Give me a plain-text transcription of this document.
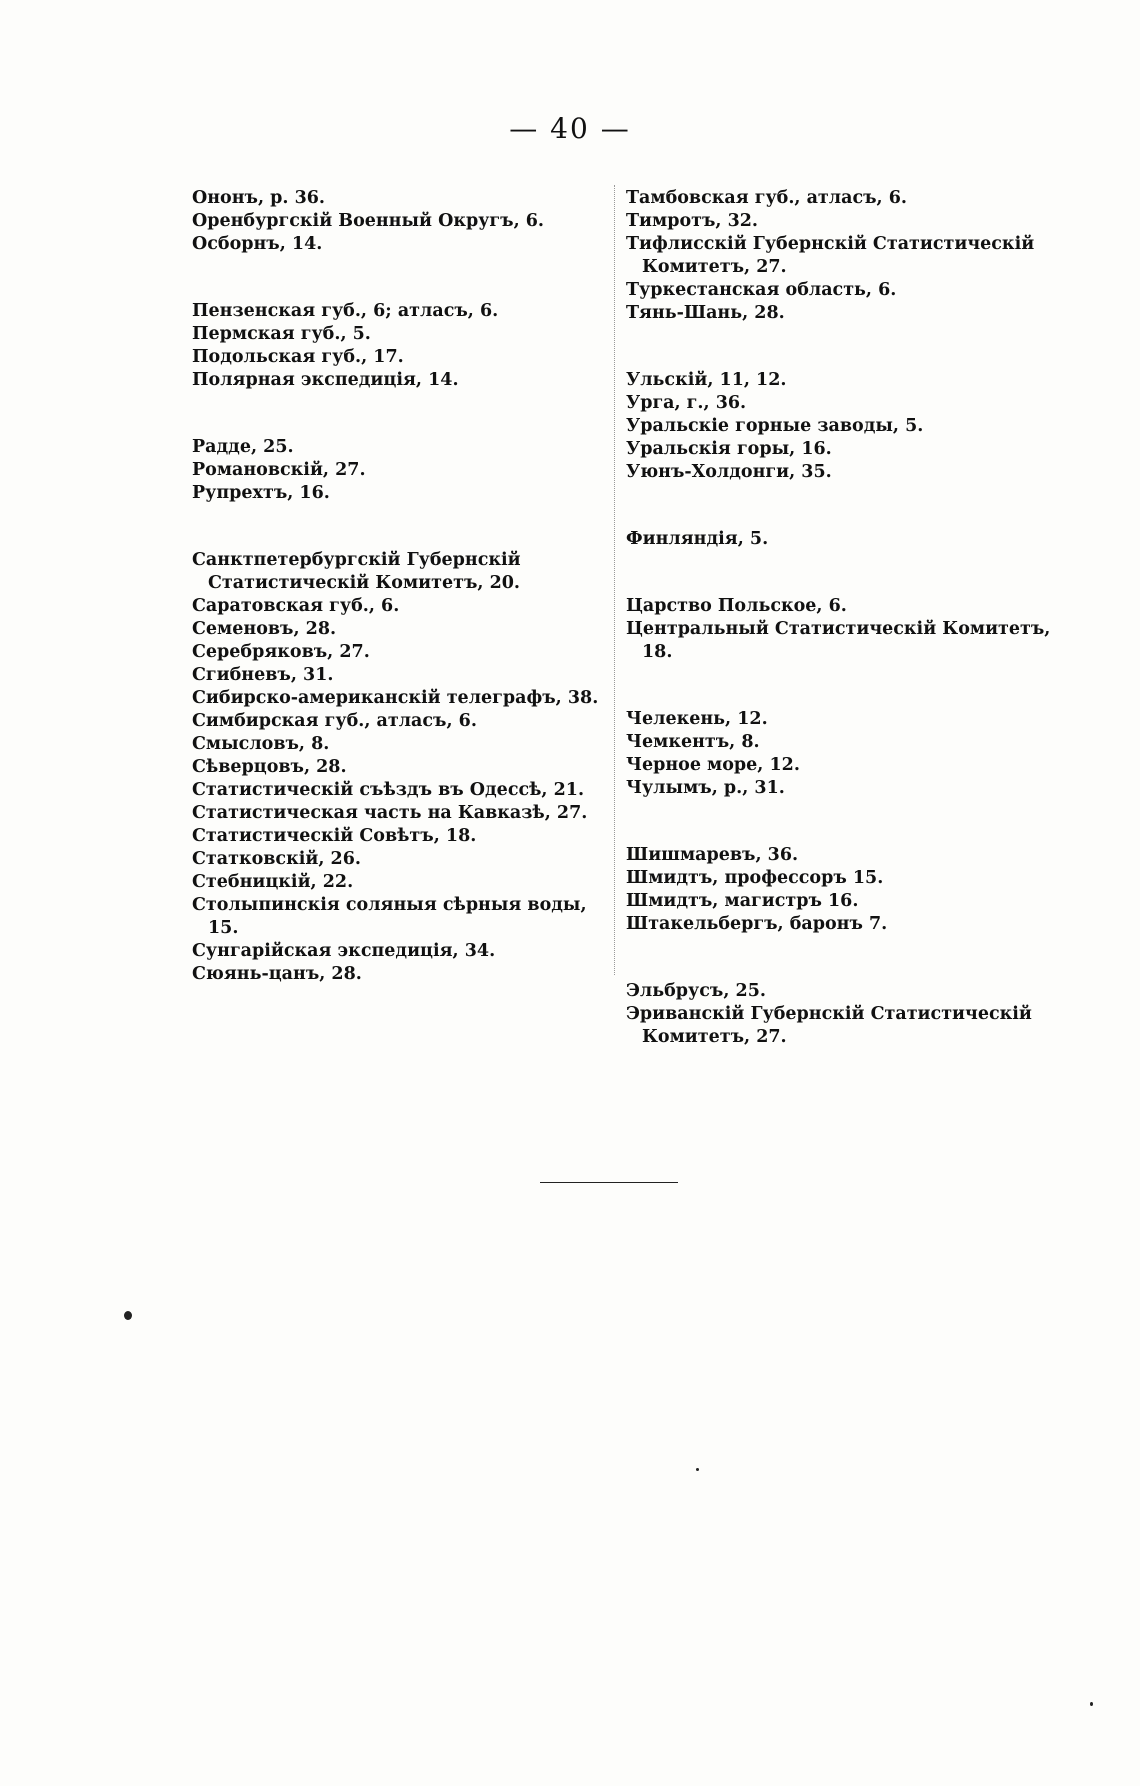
— 40 —
Ононъ, р. 36.
Оренбургскій Военный Округъ, 6.
Осборнъ, 14.
Пензенская губ., 6; атласъ, 6.
Пермская губ., 5.
Подольская губ., 17.
Полярная экспедиція, 14.
Радде, 25.
Романовскій, 27.
Рупрехтъ, 16.
Санктпетербургскій Губернскій Статистическій Комитетъ, 20.
Саратовская губ., 6.
Семеновъ, 28.
Серебряковъ, 27.
Сгибневъ, 31.
Сибирско-американскій телеграфъ, 38.
Симбирская губ., атласъ, 6.
Смысловъ, 8.
Сѣверцовъ, 28.
Статистическій съѣздъ въ Одессѣ, 21.
Статистическая часть на Кавказѣ, 27.
Статистическій Совѣтъ, 18.
Статковскій, 26.
Стебницкій, 22.
Столыпинскія соляныя сѣрныя воды, 15.
Сунгарійская экспедиція, 34.
Сюянь-цанъ, 28.
Тамбовская губ., атласъ, 6.
Тимротъ, 32.
Тифлисскій Губернскій Статистическій Комитетъ, 27.
Туркестанская область, 6.
Тянь-Шань, 28.
Ульскій, 11, 12.
Урга, г., 36.
Уральскіе горные заводы, 5.
Уральскія горы, 16.
Уюнъ-Холдонги, 35.
Финляндія, 5.
Царство Польское, 6.
Центральный Статистическій Комитетъ, 18.
Челекень, 12.
Чемкентъ, 8.
Черное море, 12.
Чулымъ, р., 31.
Шишмаревъ, 36.
Шмидтъ, профессоръ 15.
Шмидтъ, магистръ 16.
Штакельбергъ, баронъ 7.
Эльбрусъ, 25.
Эриванскій Губернскій Статистическій Комитетъ, 27.
